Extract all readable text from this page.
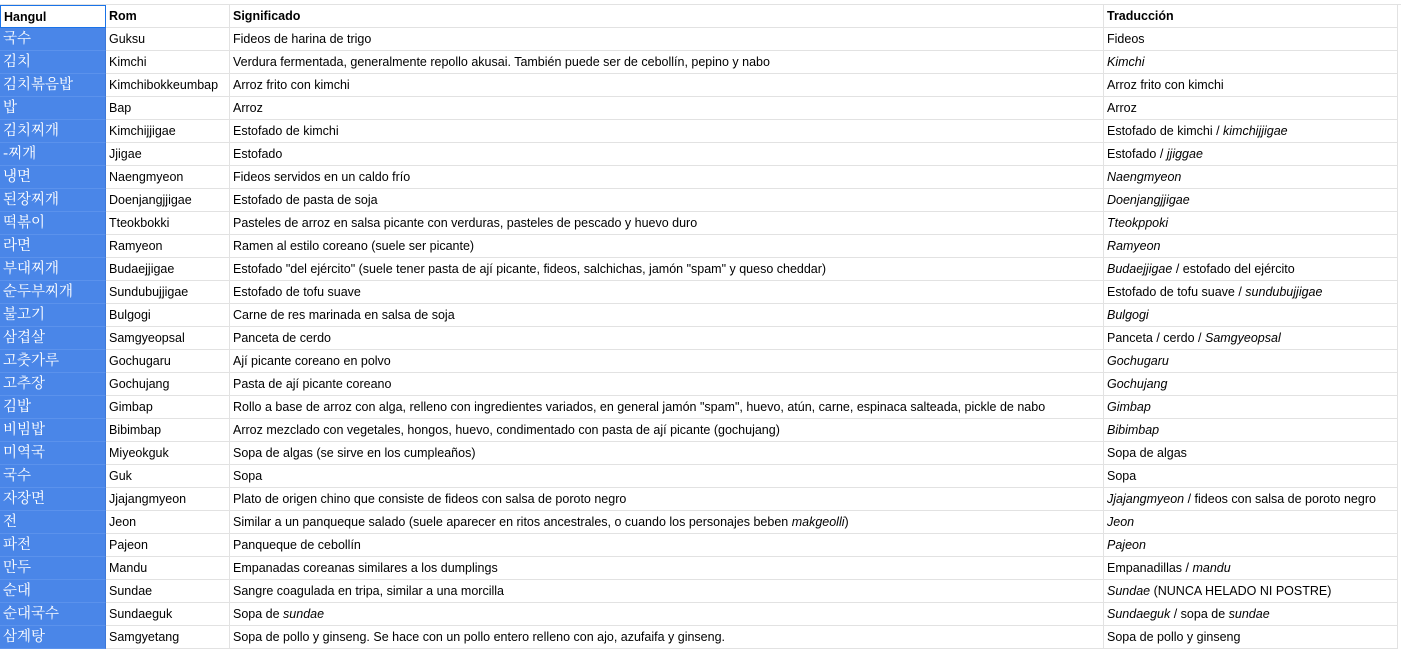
Hangul	Rom	Significado	Traducción
국수	Guksu	Fideos de harina de trigo	Fideos
김치	Kimchi	Verdura fermentada, generalmente repollo akusai. También puede ser de cebollín, pepino y nabo	Kimchi
김치볶음밥	Kimchibokkeumbap	Arroz frito con kimchi	Arroz frito con kimchi
밥	Bap	Arroz	Arroz
김치찌개	Kimchijjigae	Estofado de kimchi	Estofado de kimchi / kimchijjigae
-찌개	Jjigae	Estofado	Estofado / jjiggae
냉면	Naengmyeon	Fideos servidos en un caldo frío	Naengmyeon
된장찌개	Doenjangjjigae	Estofado de pasta de soja	Doenjangjjigae
떡볶이	Tteokbokki	Pasteles de arroz en salsa picante con verduras, pasteles de pescado y huevo duro	Tteokppoki
라면	Ramyeon	Ramen al estilo coreano (suele ser picante)	Ramyeon
부대찌개	Budaejjigae	Estofado "del ejército" (suele tener pasta de ají picante, fideos, salchichas, jamón "spam" y queso cheddar)	Budaejjigae / estofado del ejército
순두부찌개	Sundubujjigae	Estofado de tofu suave	Estofado de tofu suave / sundubujjigae
불고기	Bulgogi	Carne de res marinada en salsa de soja	Bulgogi
삼겹살	Samgyeopsal	Panceta de cerdo	Panceta / cerdo / Samgyeopsal
고춧가루	Gochugaru	Ají picante coreano en polvo	Gochugaru
고추장	Gochujang	Pasta de ají picante coreano	Gochujang
김밥	Gimbap	Rollo a base de arroz con alga, relleno con ingredientes variados, en general jamón "spam", huevo, atún, carne, espinaca salteada, pickle de nabo	Gimbap
비빔밥	Bibimbap	Arroz mezclado con vegetales, hongos, huevo, condimentado con pasta de ají picante (gochujang)	Bibimbap
미역국	Miyeokguk	Sopa de algas (se sirve en los cumpleaños)	Sopa de algas
국수	Guk	Sopa	Sopa
자장면	Jjajangmyeon	Plato de origen chino que consiste de fideos con salsa de poroto negro	Jjajangmyeon / fideos con salsa de poroto negro
전	Jeon	Similar a un panqueque salado (suele aparecer en ritos ancestrales, o cuando los personajes beben makgeolli)	Jeon
파전	Pajeon	Panqueque de cebollín	Pajeon
만두	Mandu	Empanadas coreanas similares a los dumplings	Empanadillas / mandu
순대	Sundae	Sangre coagulada en tripa, similar a una morcilla	Sundae (NUNCA HELADO NI POSTRE)
순대국수	Sundaeguk	Sopa de sundae	Sundaeguk / sopa de sundae
삼계탕	Samgyetang	Sopa de pollo y ginseng. Se hace con un pollo entero relleno con ajo, azufaifa y ginseng.	Sopa de pollo y ginseng
